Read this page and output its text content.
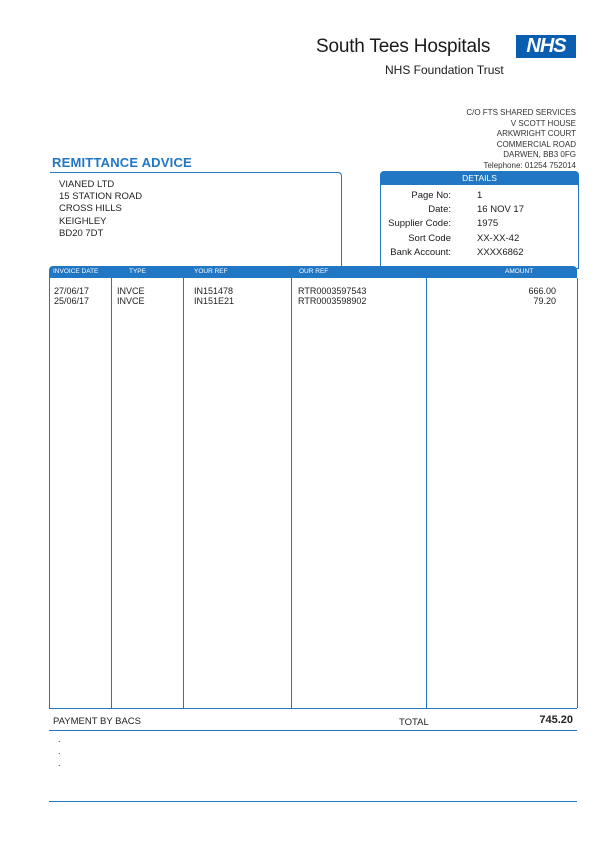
South Tees Hospitals	NHS
NHS Foundation Trust
C/O FTS SHARED SERVICES
V SCOTT HOUSE
ARKWRIGHT COURT
COMMERCIAL ROAD
DARWEN, BB3 0FG
Telephone: 01254 752014
REMITTANCE ADVICE
VIANED LTD
15 STATION ROAD
CROSS HILLS
KEIGHLEY
BD20 7DT
DETAILS
Page No:	1
Date:	16 NOV 17
Supplier Code:	1975
Sort Code	XX-XX-42
Bank Account:	XXXX6862
INVOICE DATE	TYPE	YOUR REF	OUR REF	AMOUNT
27/06/17	INVCE	IN151478	RTR0003597543	666.00
25/06/17	INVCE	IN151E21	RTR0003598902	79.20
PAYMENT BY BACS	TOTAL	745.20
.
.
.
